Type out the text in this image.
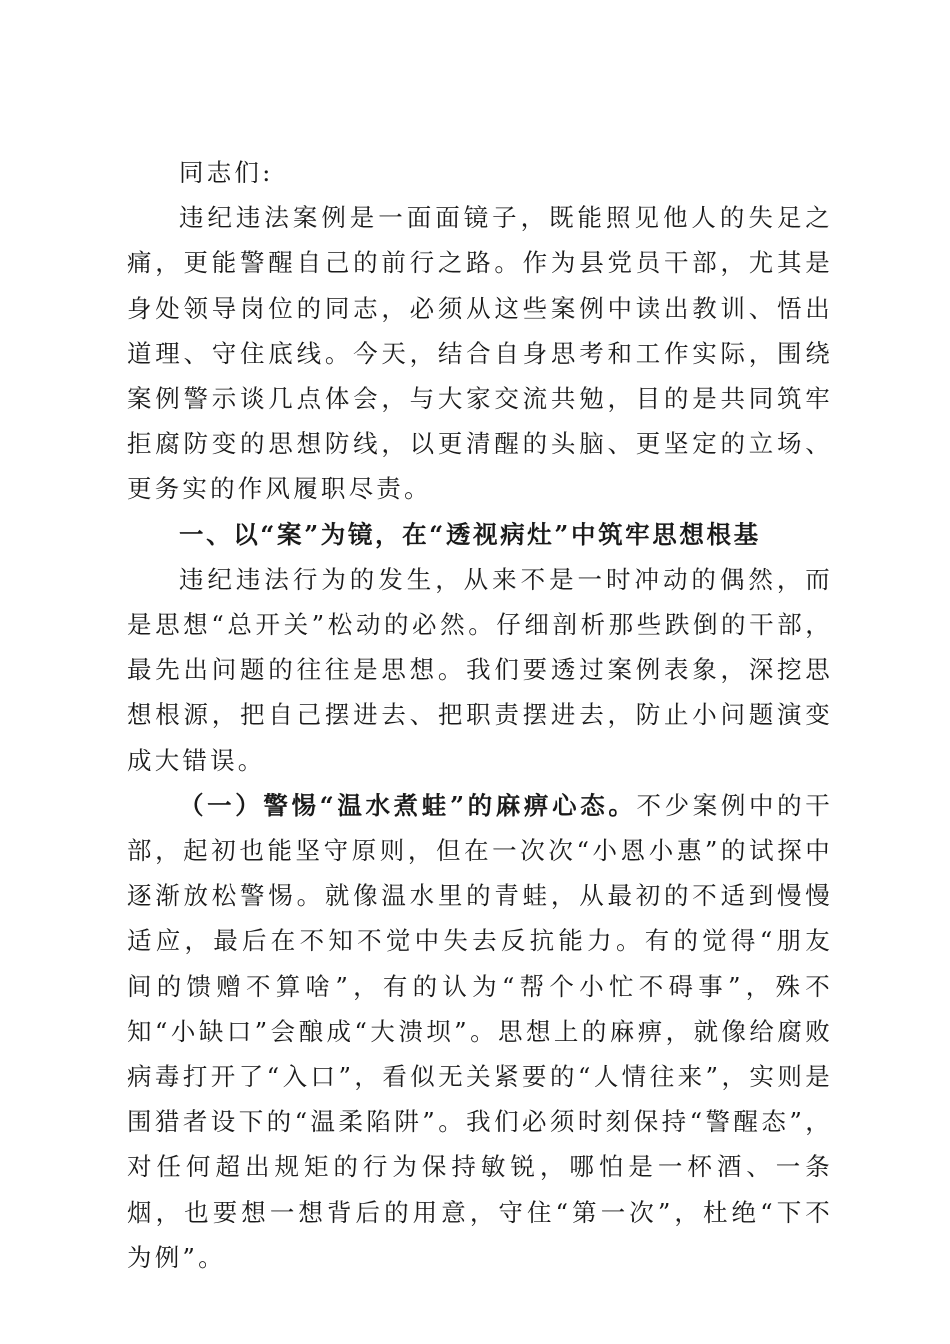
同志们:

违纪违法案例是一面面镜子，既能照见他人的失足之痛，更能警醒自己的前行之路。作为县党员干部，尤其是身处领导岗位的同志，必须从这些案例中读出教训、悟出道理、守住底线。今天，结合自身思考和工作实际，围绕案例警示谈几点体会，与大家交流共勉，目的是共同筑牢拒腐防变的思想防线，以更清醒的头脑、更坚定的立场、更务实的作风履职尽责。

一、以“案”为镜，在“透视病灶”中筑牢思想根基

违纪违法行为的发生，从来不是一时冲动的偶然，而是思想“总开关”松动的必然。仔细剖析那些跌倒的干部，最先出问题的往往是思想。我们要透过案例表象，深挖思想根源，把自己摆进去、把职责摆进去，防止小问题演变成大错误。

（一）警惕“温水煮蛙”的麻痹心态。不少案例中的干部，起初也能坚守原则，但在一次次“小恩小惠”的试探中逐渐放松警惕。就像温水里的青蛙，从最初的不适到慢慢适应，最后在不知不觉中失去反抗能力。有的觉得“朋友间的馈赠不算啥”，有的认为“帮个小忙不碍事”，殊不知“小缺口”会酿成“大溃坝”。思想上的麻痹，就像给腐败病毒打开了“入口”，看似无关紧要的“人情往来”，实则是围猎者设下的“温柔陷阱”。我们必须时刻保持“警醒态”，对任何超出规矩的行为保持敏锐，哪怕是一杯酒、一条烟，也要想一想背后的用意，守住“第一次”，杜绝“下不为例”。
